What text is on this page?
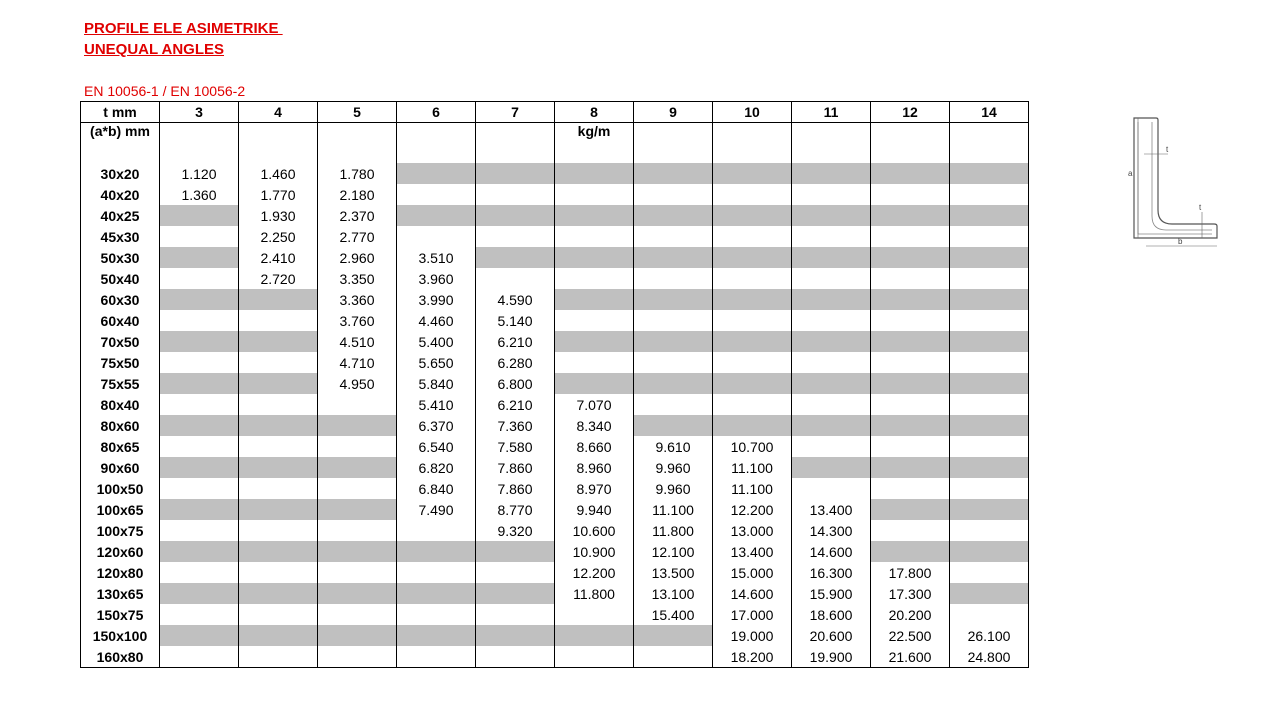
PROFILE ELE ASIMETRIKE
UNEQUAL ANGLES
EN 10056-1 / EN 10056-2
t mm	3	4	5	6	7	8	9	10	11	12	14
(a*b) mm						kg/m					

30x20	1.120	1.460	1.780								
40x20	1.360	1.770	2.180								
40x25		1.930	2.370								
45x30		2.250	2.770								
50x30		2.410	2.960	3.510							
50x40		2.720	3.350	3.960							
60x30			3.360	3.990	4.590						
60x40			3.760	4.460	5.140						
70x50			4.510	5.400	6.210						
75x50			4.710	5.650	6.280						
75x55			4.950	5.840	6.800						
80x40				5.410	6.210	7.070					
80x60				6.370	7.360	8.340					
80x65				6.540	7.580	8.660	9.610	10.700			
90x60				6.820	7.860	8.960	9.960	11.100			
100x50				6.840	7.860	8.970	9.960	11.100			
100x65				7.490	8.770	9.940	11.100	12.200	13.400		
100x75					9.320	10.600	11.800	13.000	14.300		
120x60						10.900	12.100	13.400	14.600		
120x80						12.200	13.500	15.000	16.300	17.800	
130x65						11.800	13.100	14.600	15.900	17.300	
150x75							15.400	17.000	18.600	20.200	
150x100								19.000	20.600	22.500	26.100
160x80								18.200	19.900	21.600	24.800
a
b
t
t
